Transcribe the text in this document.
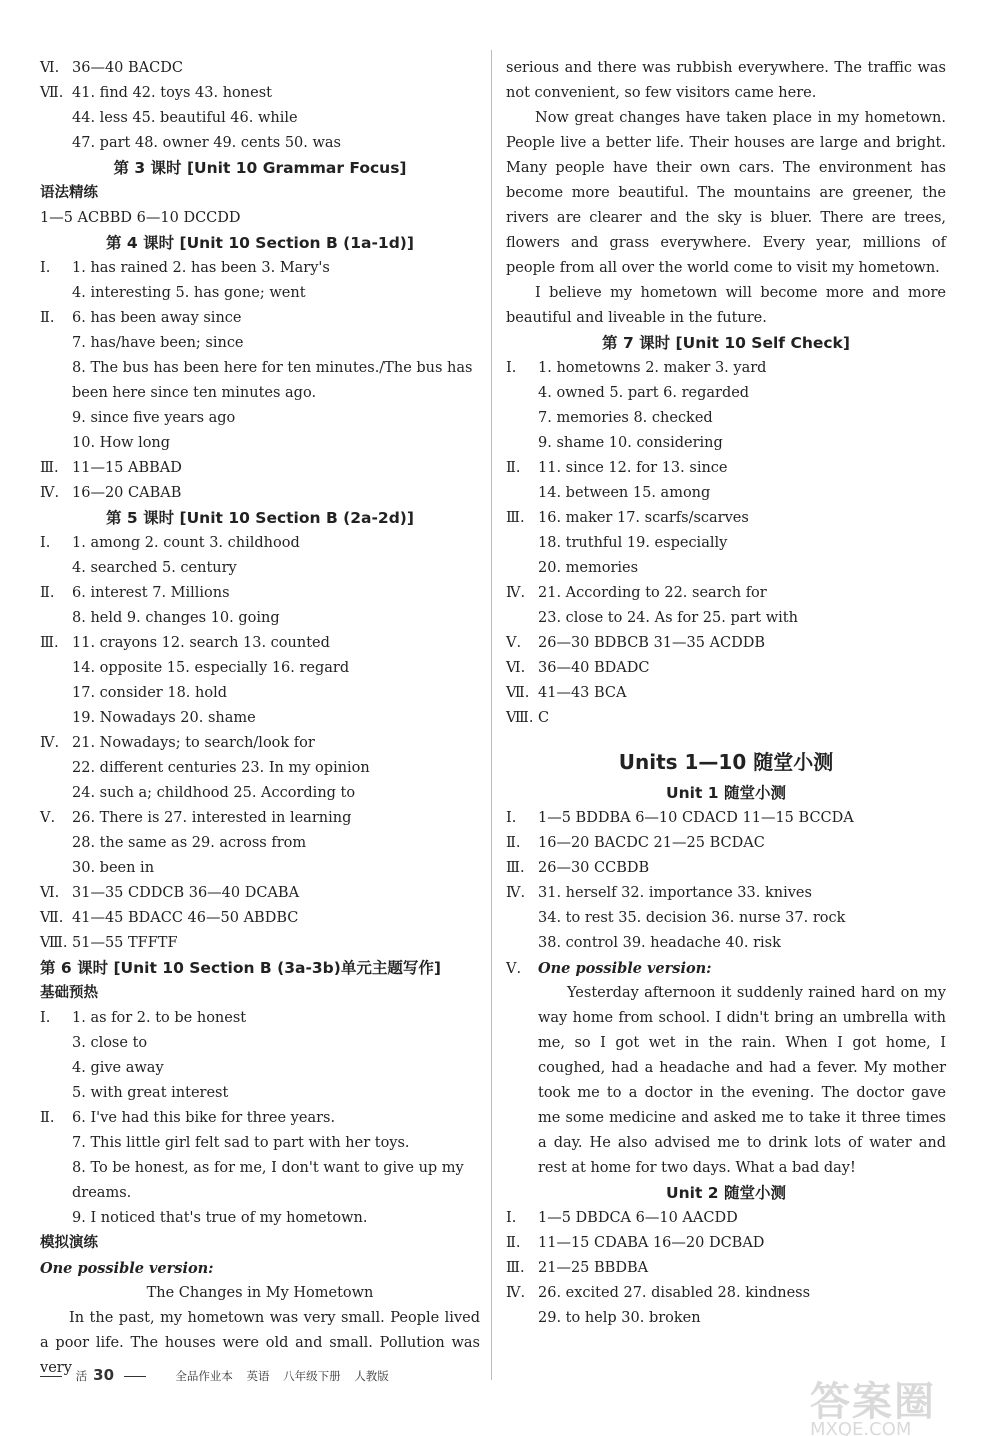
Ⅵ. 36—40 BACDC
Ⅶ. 41. find 42. toys 43. honest
44. less 45. beautiful 46. while
47. part 48. owner 49. cents 50. was
第 3 课时 [Unit 10 Grammar Focus]
语法精练
1—5 ACBBD 6—10 DCCDD
第 4 课时 [Unit 10 Section B (1a-1d)]
Ⅰ. 1. has rained 2. has been 3. Mary's
4. interesting 5. has gone; went
Ⅱ. 6. has been away since
7. has/have been; since
8. The bus has been here for ten minutes./The bus has
been here since ten minutes ago.
9. since five years ago
10. How long
Ⅲ. 11—15 ABBAD
Ⅳ. 16—20 CABAB
第 5 课时 [Unit 10 Section B (2a-2d)]
Ⅰ. 1. among 2. count 3. childhood
4. searched 5. century
Ⅱ. 6. interest 7. Millions
8. held 9. changes 10. going
Ⅲ. 11. crayons 12. search 13. counted
14. opposite 15. especially 16. regard
17. consider 18. hold
19. Nowadays 20. shame
Ⅳ. 21. Nowadays; to search/look for
22. different centuries 23. In my opinion
24. such a; childhood 25. According to
Ⅴ. 26. There is 27. interested in learning
28. the same as 29. across from
30. been in
Ⅵ. 31—35 CDDCB 36—40 DCABA
Ⅶ. 41—45 BDACC 46—50 ABDBC
Ⅷ. 51—55 TFFTF
第 6 课时 [Unit 10 Section B (3a-3b)单元主题写作]
基础预热
Ⅰ. 1. as for 2. to be honest
3. close to
4. give away
5. with great interest
Ⅱ. 6. I've had this bike for three years.
7. This little girl felt sad to part with her toys.
8. To be honest, as for me, I don't want to give up my
dreams.
9. I noticed that's true of my hometown.
模拟演练
One possible version:
The Changes in My Hometown
In the past, my hometown was very small. People lived a poor life. The houses were old and small. Pollution was very
serious and there was rubbish everywhere. The traffic was not convenient, so few visitors came here.
Now great changes have taken place in my hometown. People live a better life. Their houses are large and bright. Many people have their own cars. The environment has become more beautiful. The mountains are greener, the rivers are clearer and the sky is bluer. There are trees, flowers and grass everywhere. Every year, millions of people from all over the world come to visit my hometown.
I believe my hometown will become more and more beautiful and liveable in the future.
第 7 课时 [Unit 10 Self Check]
Ⅰ. 1. hometowns 2. maker 3. yard
4. owned 5. part 6. regarded
7. memories 8. checked
9. shame 10. considering
Ⅱ. 11. since 12. for 13. since
14. between 15. among
Ⅲ. 16. maker 17. scarfs/scarves
18. truthful 19. especially
20. memories
Ⅳ. 21. According to 22. search for
23. close to 24. As for 25. part with
Ⅴ. 26—30 BDBCB 31—35 ACDDB
Ⅵ. 36—40 BDADC
Ⅶ. 41—43 BCA
Ⅷ. C
Units 1—10 随堂小测
Unit 1 随堂小测
Ⅰ. 1—5 BDDBA 6—10 CDACD 11—15 BCCDA
Ⅱ. 16—20 BACDC 21—25 BCDAC
Ⅲ. 26—30 CCBDB
Ⅳ. 31. herself 32. importance 33. knives
34. to rest 35. decision 36. nurse 37. rock
38. control 39. headache 40. risk
Ⅴ. One possible version:
Yesterday afternoon it suddenly rained hard on my way home from school. I didn't bring an umbrella with me, so I got wet in the rain. When I got home, I coughed, had a headache and had a fever. My mother took me to a doctor in the evening. The doctor gave me some medicine and asked me to take it three times a day. He also advised me to drink lots of water and rest at home for two days. What a bad day!
Unit 2 随堂小测
Ⅰ. 1—5 DBDCA 6—10 AACDD
Ⅱ. 11—15 CDABA 16—20 DCBAD
Ⅲ. 21—25 BBDBA
Ⅳ. 26. excited 27. disabled 28. kindness
29. to help 30. broken
活 30	全品作业本 英语 八年级下册 人教版
答案圈
MXQE.COM
